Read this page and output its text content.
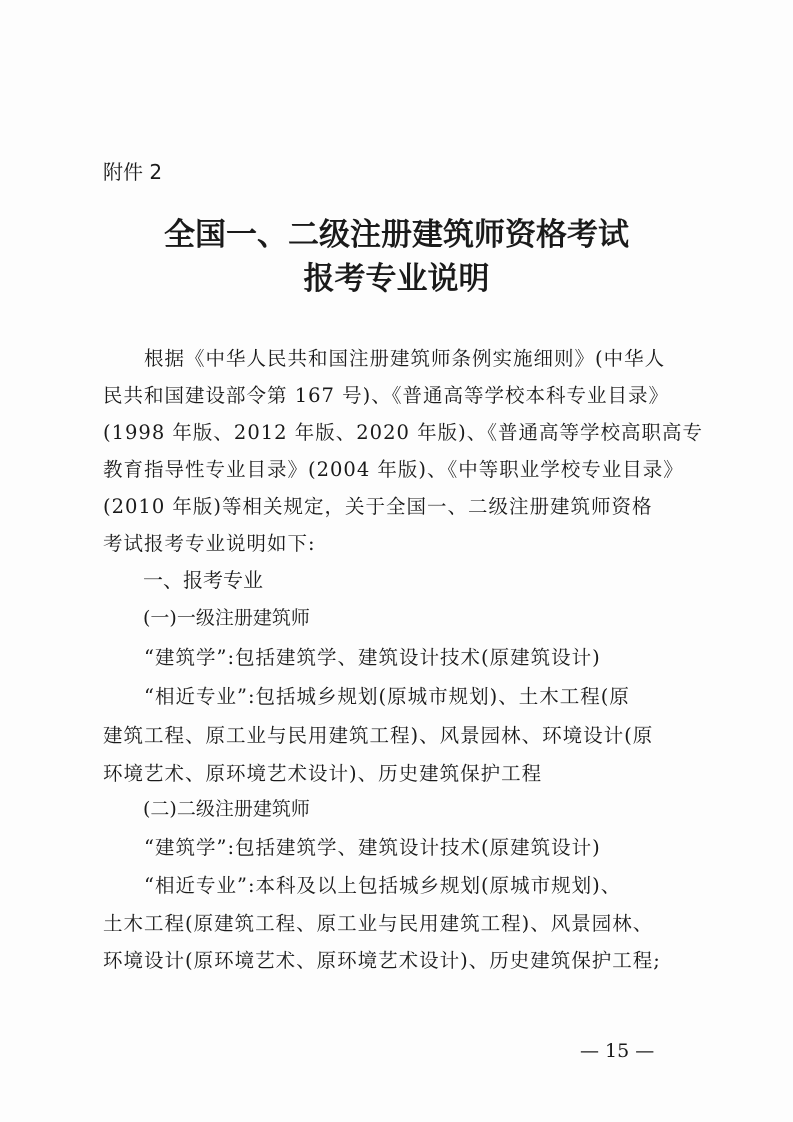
附件 2
全国一、二级注册建筑师资格考试
报考专业说明
　　根据《中华人民共和国注册建筑师条例实施细则》(中华人
民共和国建设部令第 167 号)、《普通高等学校本科专业目录》
(1998 年版、2012 年版、2020 年版)、《普通高等学校高职高专
教育指导性专业目录》(2004 年版)、《中等职业学校专业目录》
(2010 年版)等相关规定，关于全国一、二级注册建筑师资格
考试报考专业说明如下:
一、报考专业
(一)一级注册建筑师
　　“建筑学”:包括建筑学、建筑设计技术(原建筑设计)
　　“相近专业”:包括城乡规划(原城市规划)、土木工程(原
建筑工程、原工业与民用建筑工程)、风景园林、环境设计(原
环境艺术、原环境艺术设计)、历史建筑保护工程
(二)二级注册建筑师
　　“建筑学”:包括建筑学、建筑设计技术(原建筑设计)
　　“相近专业”:本科及以上包括城乡规划(原城市规划)、
土木工程(原建筑工程、原工业与民用建筑工程)、风景园林、
环境设计(原环境艺术、原环境艺术设计)、历史建筑保护工程;
— 15 —
